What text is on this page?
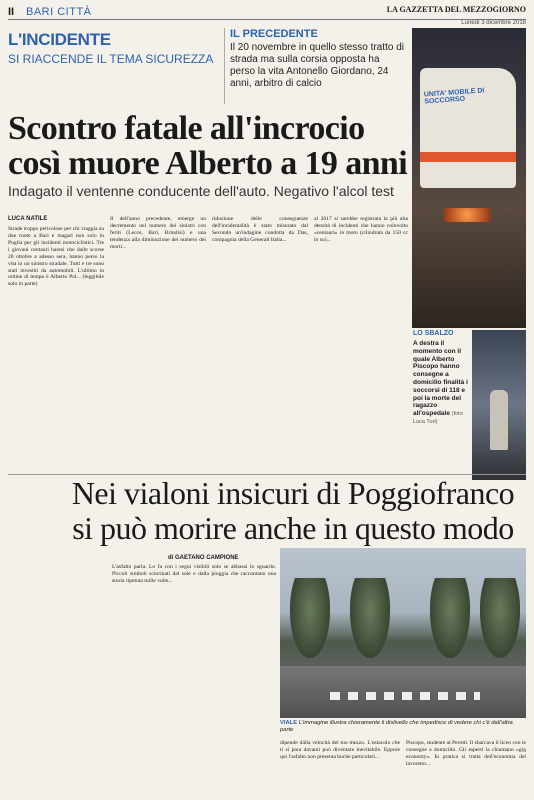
II BARI CITTÀ	LA GAZZETTA DEL MEZZOGIORNO
Lunedì 3 dicembre 2018
L'INCIDENTE
SI RIACCENDE IL TEMA SICUREZZA
IL PRECEDENTE
Il 20 novembre in quello stesso tratto di strada ma sulla corsia opposta ha perso la vita Antonello Giordano, 24 anni, arbitro di calcio
UNITA' MOBILE DI SOCCORSO
Scontro fatale all'incrocio
così muore Alberto a 19 anni
Indagato il ventenne conducente dell'auto. Negativo l'alcol test
LUCA NATILE
Strade troppo pericolose per chi viaggia su due ruote a Bari e magari non solo in Puglia per gli incidenti motociclistici. Tre i giovani centauri baresi che dalle scorse 20 ottobre a adesso sera, hanno perso la vita in un sinistro stradale. Tutti e tre sono stati investiti da automobili. L'ultimo in ordine di tempo è Alberto Pol... (leggibile solo in parte)
Il dell'anno precedente, emerge un decremento nel numero dei sinistri con feriti (Lecce, Bari, Brindisi) e una tendenza alla diminuzione del numero dei morti...
riduzione delle conseguenze dell'incidentalità è stato misurato dal Secondo un'indagine condotta da Das, compagnia della Generali Italia...
al 2017 si sarebbe registrata la più alta densità di incidenti che hanno coinvolto «centauri» in moto (cilindrata da 150 cc in su)...
LO SBALZO
A destra il momento con il quale Alberto Piscopo hanno consegne a domicilio finalità i soccorsi di 118 e poi la morte del ragazzo all'ospedale (foto Luca Turi)
Nei vialoni insicuri di Poggiofranco
si può morire anche in questo modo
di GAETANO CAMPIONE
L'asfalto parla. Lo fa con i segni visibili solo se abbassi lo sguardo. Piccoli simboli sciorinati dal sole e dalla pioggia che raccontano una storia ripetuta mille volte...
VIALE L'immagine illustra chiaramente il dislivello che impedisce di vedere chi c'è dall'altra parte
dipende dalla velocità del tuo mezzo. L'ostacolo che ti si para davanti può diventare inevitabile. Eppure qui l'asfalto non presenta buche particolari...
Piscopo, studente al Perotti. Il sbarcava il liceo con le consegne a domicilio. Gli esperti la chiamano «gig economy». In pratica si tratta dell'economia del lavoretto...
